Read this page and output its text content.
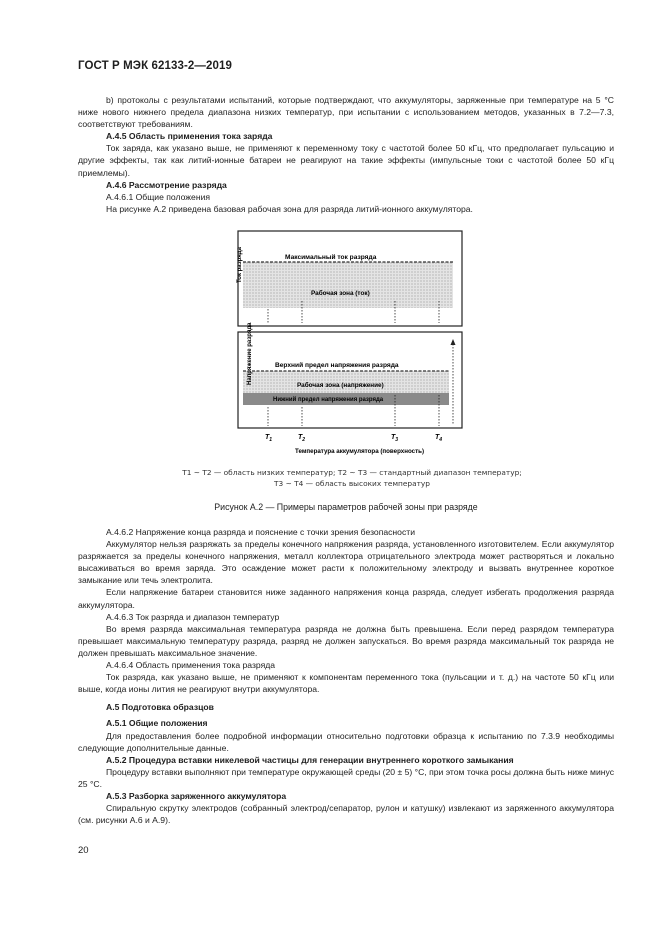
ГОСТ Р МЭК 62133-2—2019

b) протоколы с результатами испытаний, которые подтверждают, что аккумуляторы, заряженные при температуре на 5 °С ниже нового нижнего предела диапазона низких температур, при испытании с использованием методов, указанных в 7.2—7.3, соответствуют требованиям.

А.4.5 Область применения тока заряда

Ток заряда, как указано выше, не применяют к переменному току с частотой более 50 кГц, что предполагает пульсацию и другие эффекты, так как литий-ионные батареи не реагируют на такие эффекты (импульсные токи с частотой более 50 кГц приемлемы).

А.4.6 Рассмотрение разряда

А.4.6.1 Общие положения

На рисунке А.2 приведена базовая рабочая зона для разряда литий-ионного аккумулятора.

Ток разряда	Максимальный ток разряда
Рабочая зона (ток)
Напряжение разряда	Верхний предел напряжения разряда
Рабочая зона (напряжение)
Нижний предел напряжения разряда
$T_1$	$T_2$	$T_3$	$T_4$
Температура аккумулятора (поверхность)
T1 ~ T2 — область низких температур; T2 ~ T3 — стандартный диапазон температур;
T3 ~ T4 — область высоких температур
Рисунок А.2 — Примеры параметров рабочей зоны при разряде

А.4.6.2 Напряжение конца разряда и пояснение с точки зрения безопасности

Аккумулятор нельзя разряжать за пределы конечного напряжения разряда, установленного изготовителем. Если аккумулятор разряжается за пределы конечного напряжения, металл коллектора отрицательного электрода может растворяться и локально высаживаться во время заряда. Это осаждение может расти к положительному электроду и вызвать внутреннее короткое замыкание или течь электролита.

Если напряжение батареи становится ниже заданного напряжения конца разряда, следует избегать продолжения разряда аккумулятора.

А.4.6.3 Ток разряда и диапазон температур

Во время разряда максимальная температура разряда не должна быть превышена. Если перед разрядом температура превышает максимальную температуру разряда, разряд не должен запускаться. Во время разряда максимальный ток разряда не должен превышать максимальное значение.

А.4.6.4 Область применения тока разряда

Ток разряда, как указано выше, не применяют к компонентам переменного тока (пульсации и т. д.) на частоте 50 кГц или выше, когда ионы лития не реагируют внутри аккумулятора.

А.5 Подготовка образцов

А.5.1 Общие положения

Для предоставления более подробной информации относительно подготовки образца к испытанию по 7.3.9 необходимы следующие дополнительные данные.

А.5.2 Процедура вставки никелевой частицы для генерации внутреннего короткого замыкания

Процедуру вставки выполняют при температуре окружающей среды (20 ± 5) °С, при этом точка росы должна быть ниже минус 25 °С.

А.5.3 Разборка заряженного аккумулятора

Спиральную скрутку электродов (собранный электрод/сепаратор, рулон и катушку) извлекают из заряженного аккумулятора (см. рисунки А.6 и А.9).

20
